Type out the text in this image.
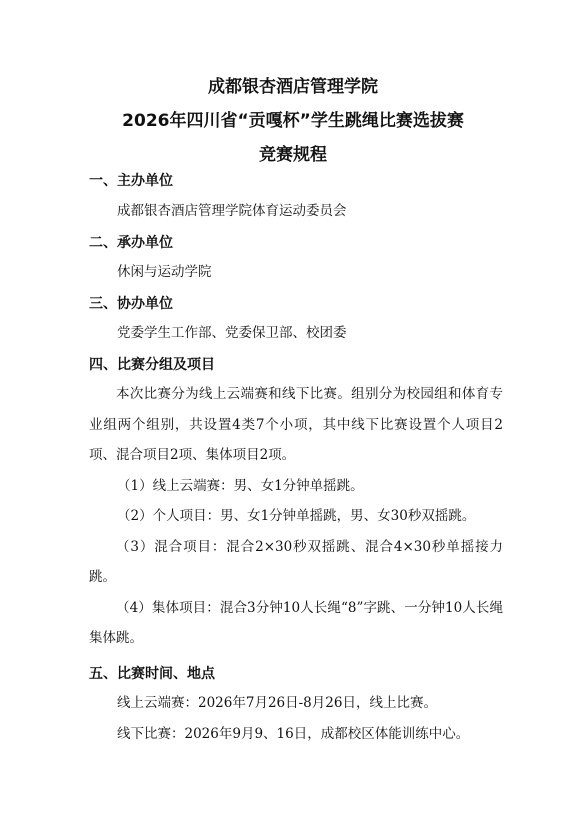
成都银杏酒店管理学院

2026年四川省“贡嘎杯”学生跳绳比赛选拔赛

竞赛规程

一、主办单位

成都银杏酒店管理学院体育运动委员会

二、承办单位

休闲与运动学院

三、协办单位

党委学生工作部、党委保卫部、校团委

四、比赛分组及项目

本次比赛分为线上云端赛和线下比赛。组别分为校园组和体育专业组两个组别，共设置4类7个小项，其中线下比赛设置个人项目2项、混合项目2项、集体项目2项。

（1）线上云端赛：男、女1分钟单摇跳。

（2）个人项目：男、女1分钟单摇跳，男、女30秒双摇跳。

（3）混合项目：混合2×30秒双摇跳、混合4×30秒单摇接力跳。

（4）集体项目：混合3分钟10人长绳“8”字跳、一分钟10人长绳集体跳。

五、比赛时间、地点

线上云端赛：2026年7月26日-8月26日，线上比赛。

线下比赛：2026年9月9、16日，成都校区体能训练中心。
